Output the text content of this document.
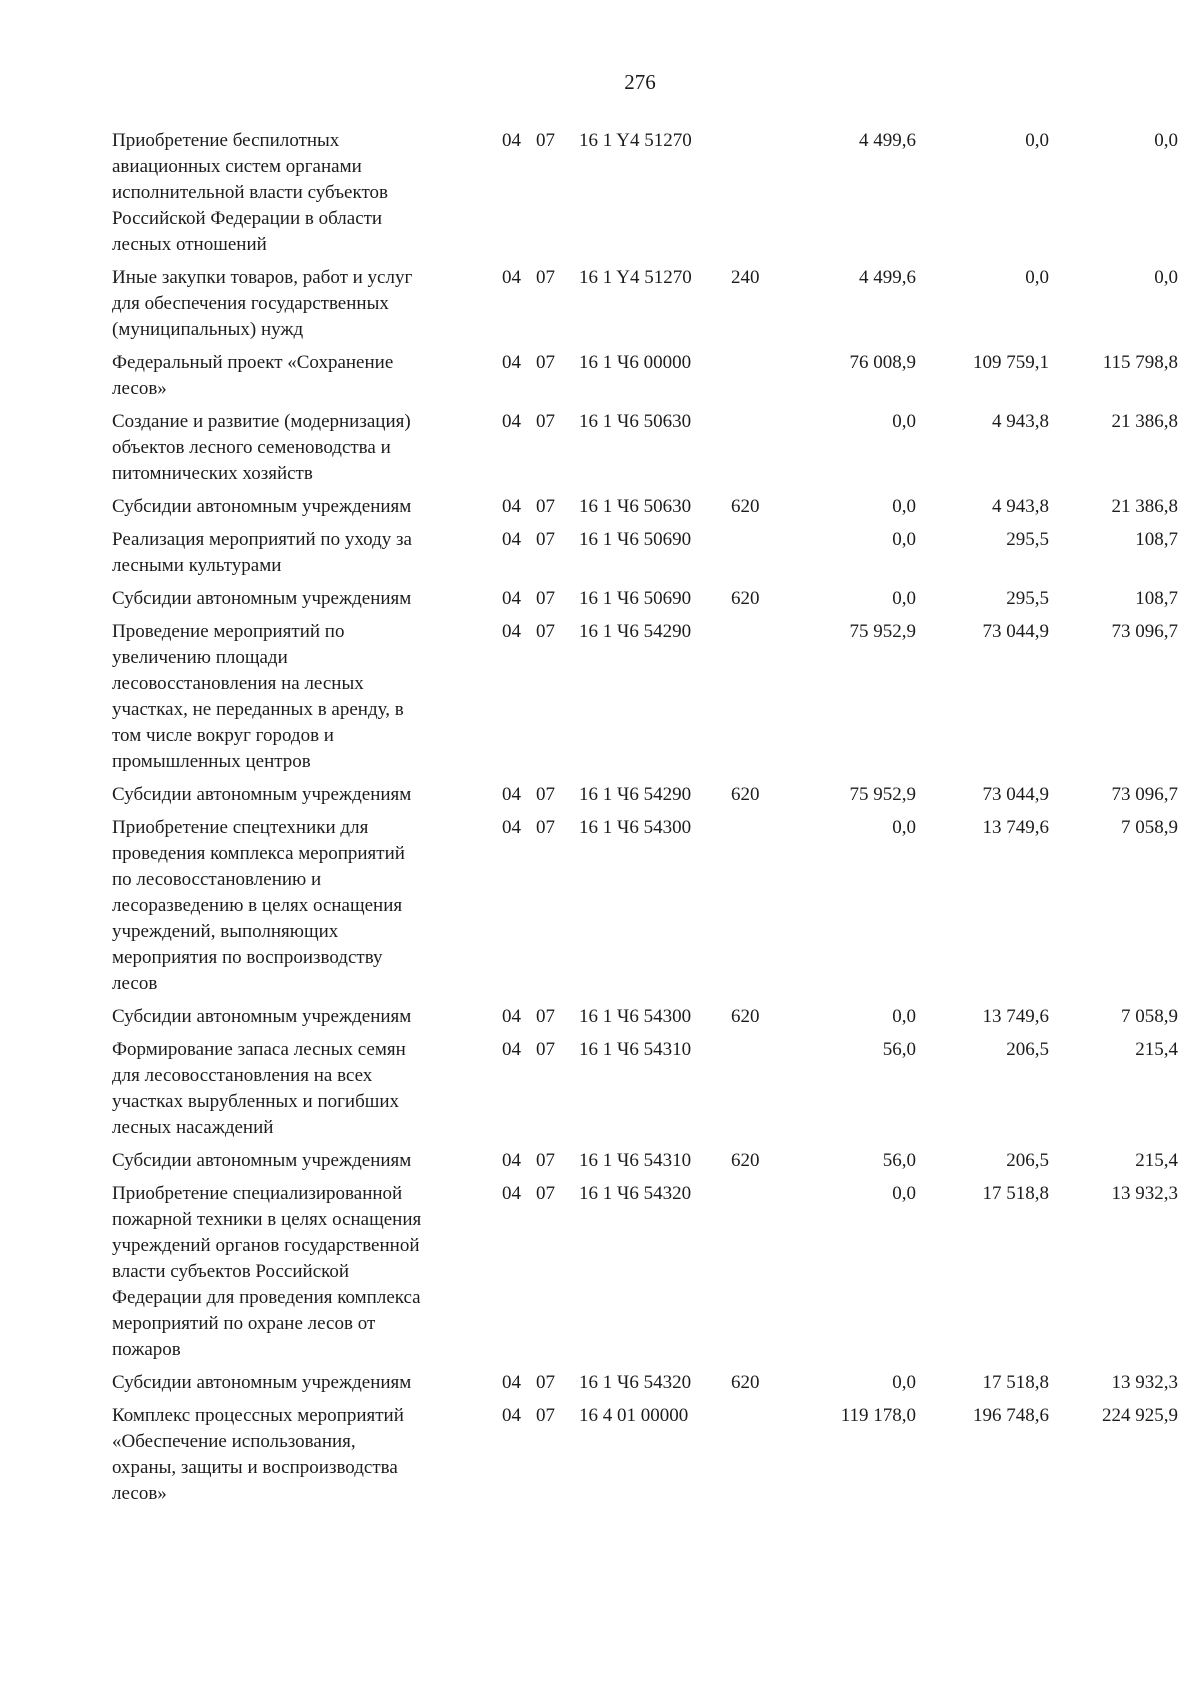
276
Приобретение беспилотных
авиационных систем органами
исполнительной власти субъектов
Российской Федерации в области
лесных отношений
04 07 16 1 Y4 51270	4 499,6	0,0	0,0
Иные закупки товаров, работ и услуг
для обеспечения государственных
(муниципальных) нужд
04 07 16 1 Y4 51270 240	4 499,6	0,0	0,0
Федеральный проект «Сохранение
лесов»
04 07 16 1 Ч6 00000	76 008,9	109 759,1	115 798,8
Создание и развитие (модернизация)
объектов лесного семеноводства и
питомнических хозяйств
04 07 16 1 Ч6 50630	0,0	4 943,8	21 386,8
Субсидии автономным учреждениям	04 07 16 1 Ч6 50630 620	0,0	4 943,8	21 386,8
Реализация мероприятий по уходу за
лесными культурами
04 07 16 1 Ч6 50690	0,0	295,5	108,7
Субсидии автономным учреждениям	04 07 16 1 Ч6 50690 620	0,0	295,5	108,7
Проведение мероприятий по
увеличению площади
лесовосстановления на лесных
участках, не переданных в аренду, в
том числе вокруг городов и
промышленных центров
04 07 16 1 Ч6 54290	75 952,9	73 044,9	73 096,7
Субсидии автономным учреждениям	04 07 16 1 Ч6 54290 620	75 952,9	73 044,9	73 096,7
Приобретение спецтехники для
проведения комплекса мероприятий
по лесовосстановлению и
лесоразведению в целях оснащения
учреждений, выполняющих
мероприятия по воспроизводству
лесов
04 07 16 1 Ч6 54300	0,0	13 749,6	7 058,9
Субсидии автономным учреждениям	04 07 16 1 Ч6 54300 620	0,0	13 749,6	7 058,9
Формирование запаса лесных семян
для лесовосстановления на всех
участках вырубленных и погибших
лесных насаждений
04 07 16 1 Ч6 54310	56,0	206,5	215,4
Субсидии автономным учреждениям	04 07 16 1 Ч6 54310 620	56,0	206,5	215,4
Приобретение специализированной
пожарной техники в целях оснащения
учреждений органов государственной
власти субъектов Российской
Федерации для проведения комплекса
мероприятий по охране лесов от
пожаров
04 07 16 1 Ч6 54320	0,0	17 518,8	13 932,3
Субсидии автономным учреждениям	04 07 16 1 Ч6 54320 620	0,0	17 518,8	13 932,3
Комплекс процессных мероприятий
«Обеспечение использования,
охраны, защиты и воспроизводства
лесов»
04 07 16 4 01 00000	119 178,0	196 748,6	224 925,9
